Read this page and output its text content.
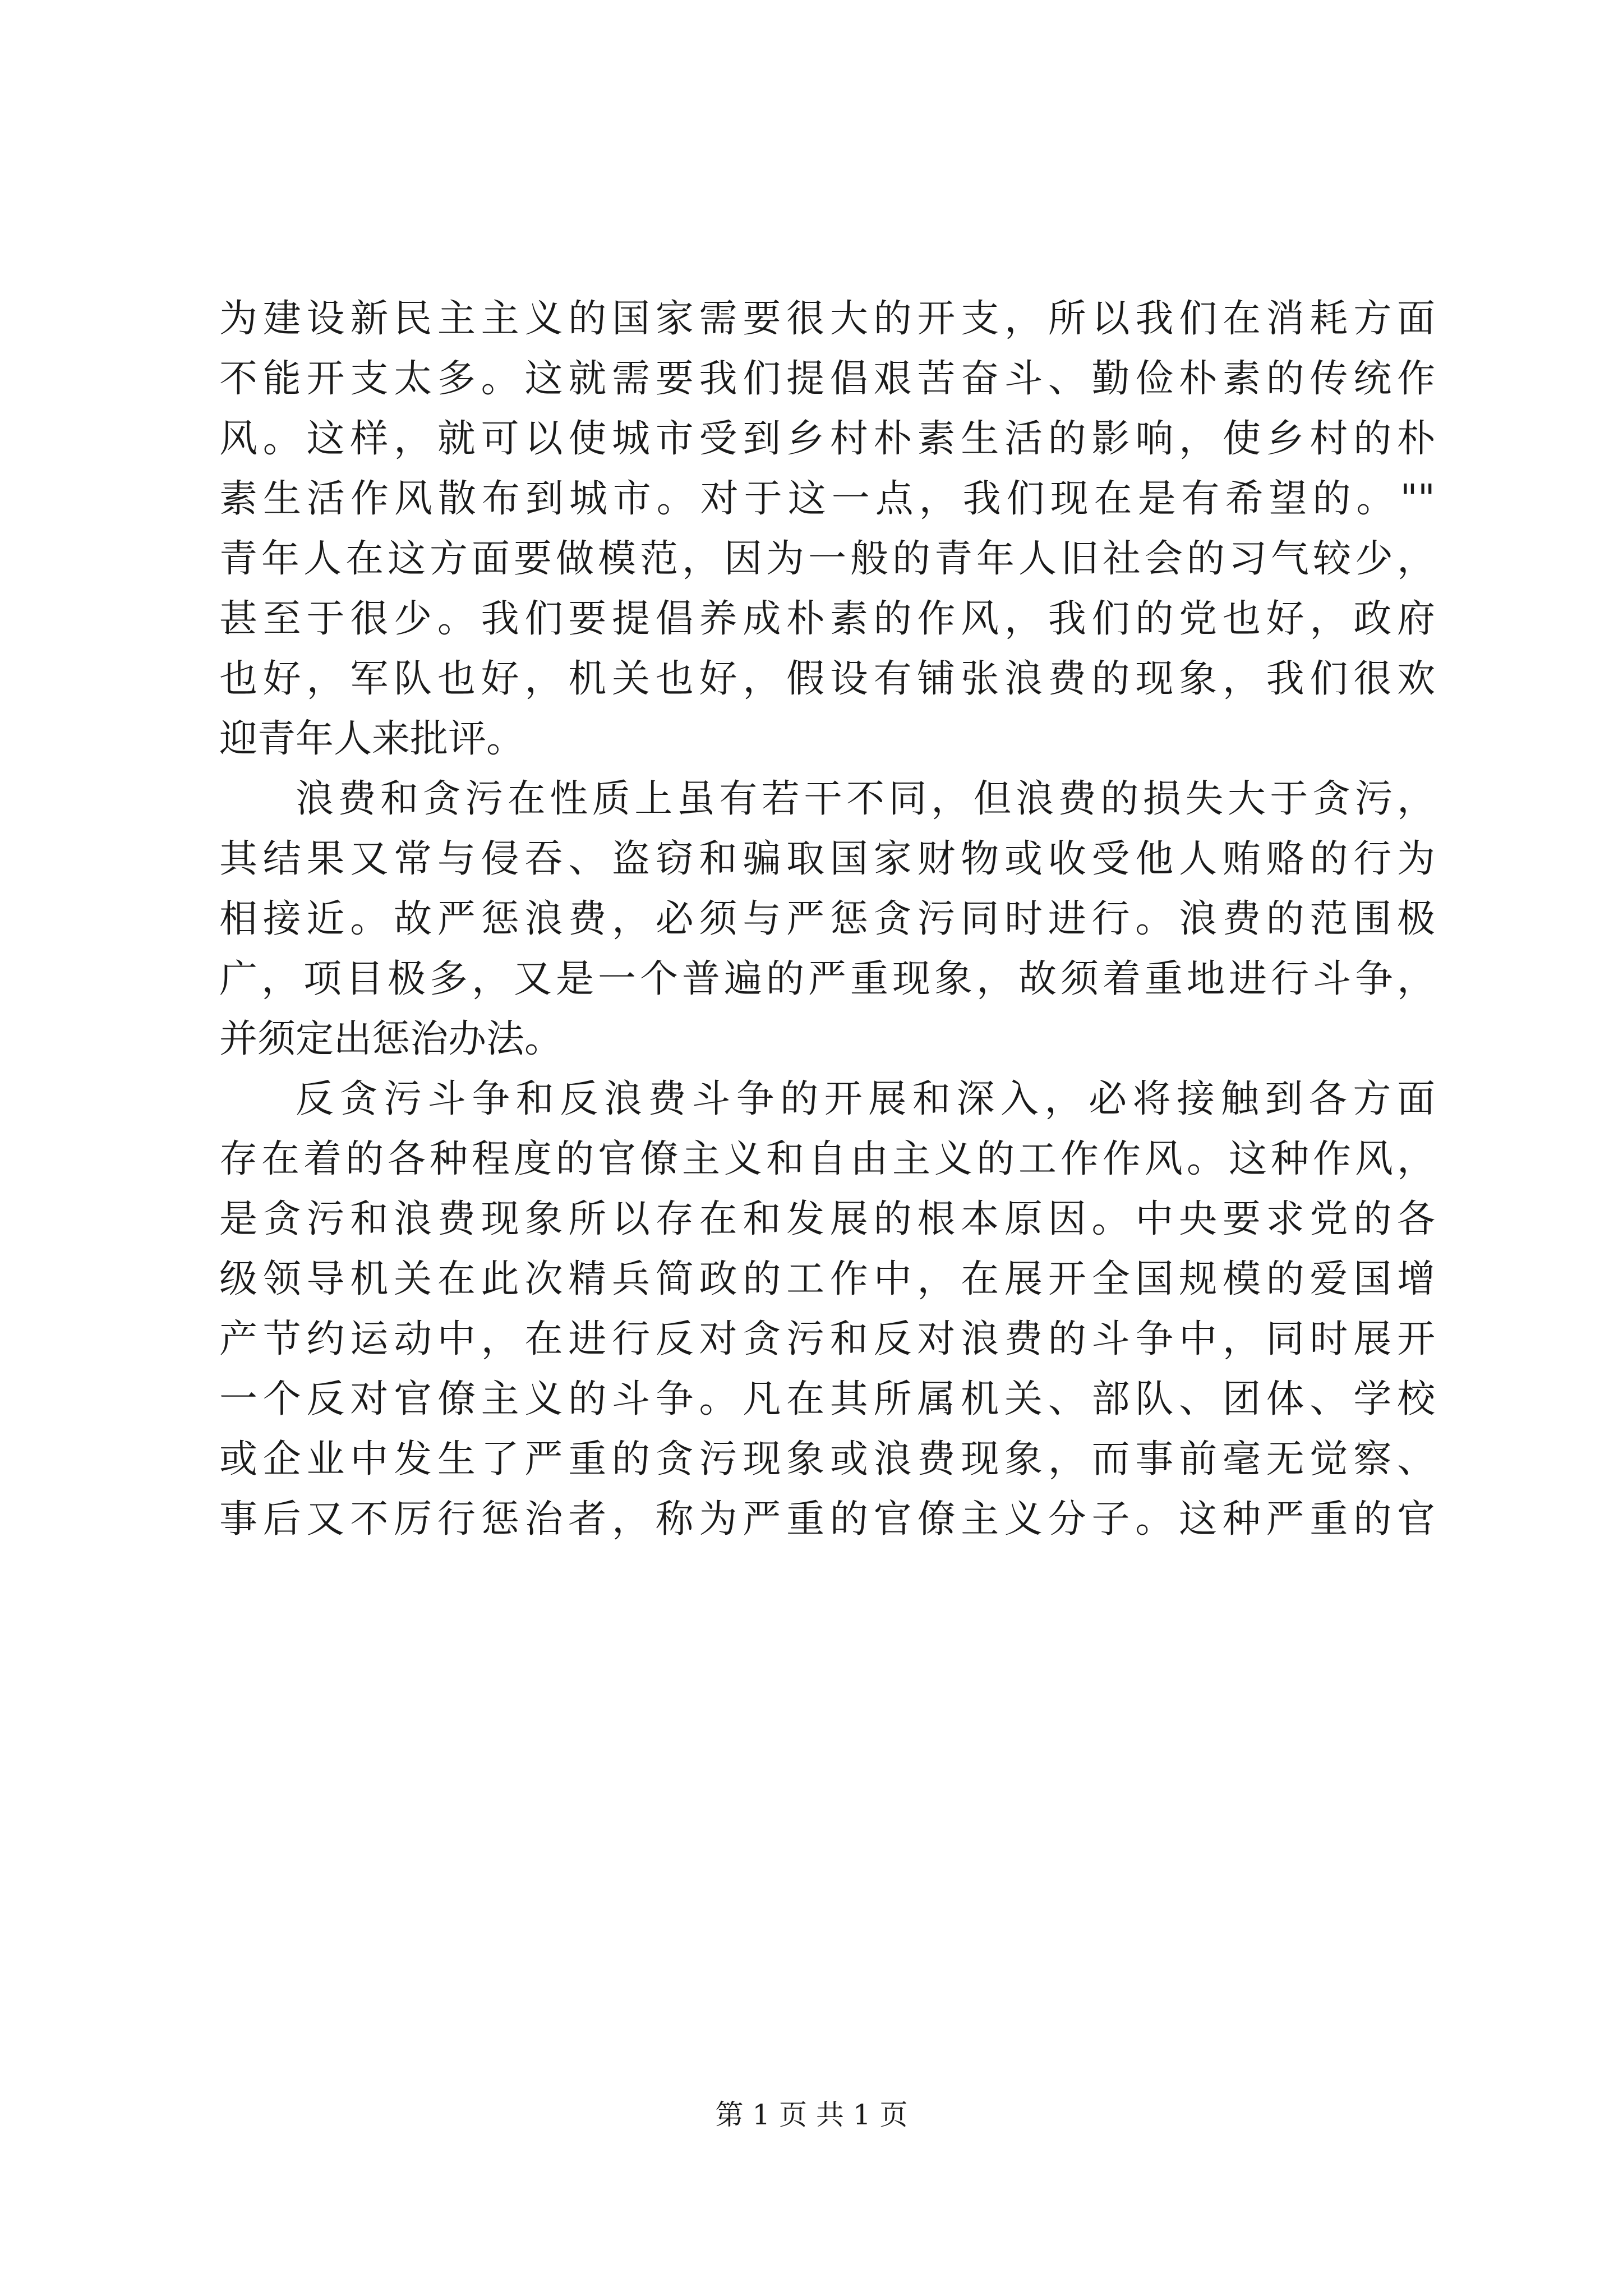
为建设新民主主义的国家需要很大的开支，所以我们在消耗方面
不能开支太多。这就需要我们提倡艰苦奋斗、勤俭朴素的传统作
风。这样，就可以使城市受到乡村朴素生活的影响，使乡村的朴
素生活作风散布到城市。对于这一点，我们现在是有希望的。""
青年人在这方面要做模范，因为一般的青年人旧社会的习气较少，
甚至于很少。我们要提倡养成朴素的作风，我们的党也好，政府
也好，军队也好，机关也好，假设有铺张浪费的现象，我们很欢
迎青年人来批评。
浪费和贪污在性质上虽有若干不同，但浪费的损失大于贪污，
其结果又常与侵吞、盗窃和骗取国家财物或收受他人贿赂的行为
相接近。故严惩浪费，必须与严惩贪污同时进行。浪费的范围极
广，项目极多，又是一个普遍的严重现象，故须着重地进行斗争，
并须定出惩治办法。
反贪污斗争和反浪费斗争的开展和深入，必将接触到各方面
存在着的各种程度的官僚主义和自由主义的工作作风。这种作风，
是贪污和浪费现象所以存在和发展的根本原因。中央要求党的各
级领导机关在此次精兵简政的工作中，在展开全国规模的爱国增
产节约运动中，在进行反对贪污和反对浪费的斗争中，同时展开
一个反对官僚主义的斗争。凡在其所属机关、部队、团体、学校
或企业中发生了严重的贪污现象或浪费现象，而事前毫无觉察、
事后又不厉行惩治者，称为严重的官僚主义分子。这种严重的官
第 1 页 共 1 页
